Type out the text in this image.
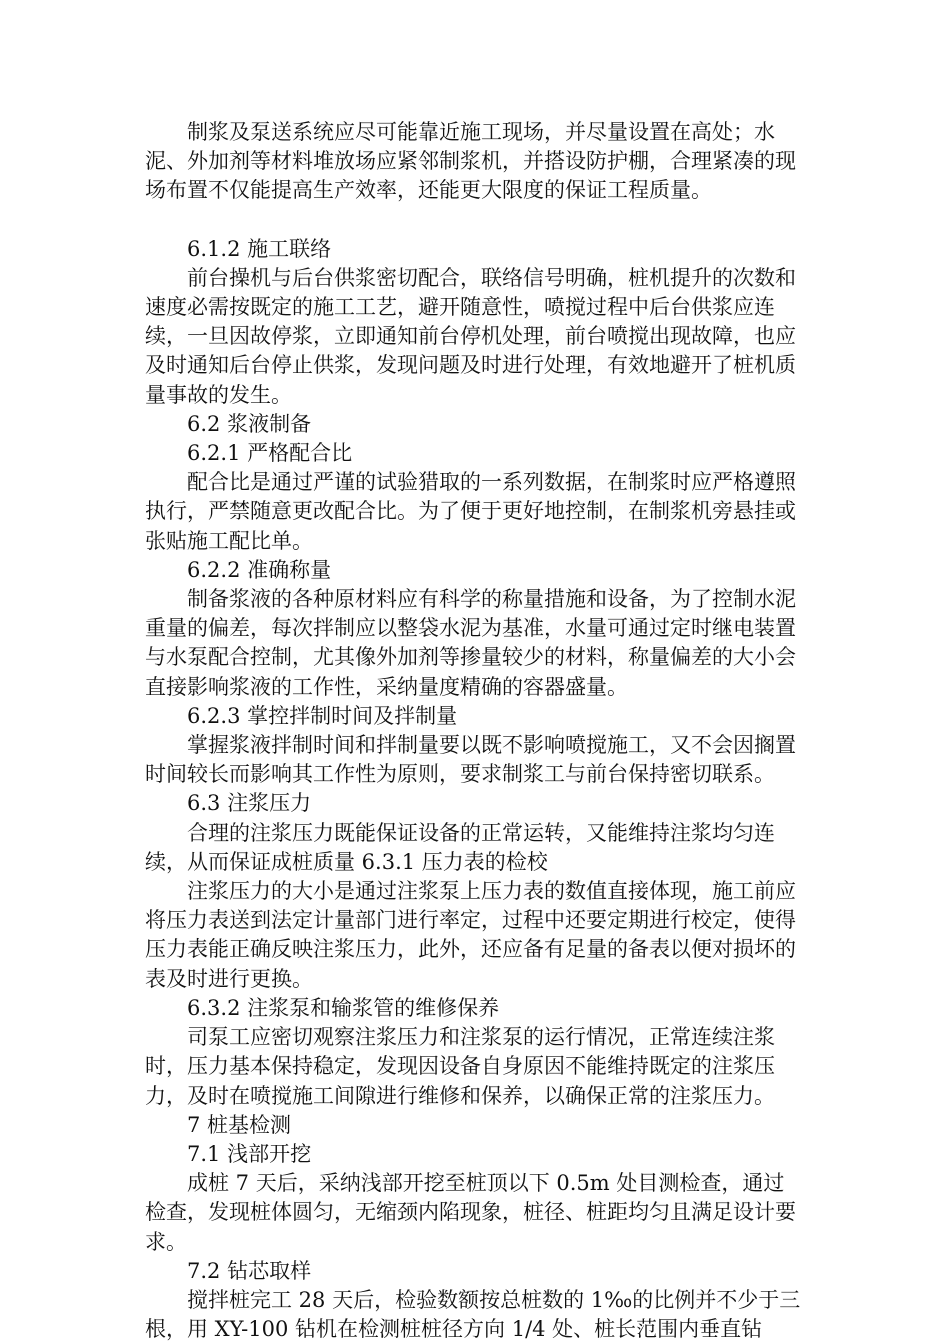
制浆及泵送系统应尽可能靠近施工现场，并尽量设置在高处；水泥、外加剂等材料堆放场应紧邻制浆机，并搭设防护棚，合理紧凑的现场布置不仅能提高生产效率，还能更大限度的保证工程质量。

6.1.2 施工联络

前台操机与后台供浆密切配合，联络信号明确，桩机提升的次数和速度必需按既定的施工工艺，避开随意性，喷搅过程中后台供浆应连续，一旦因故停浆，立即通知前台停机处理，前台喷搅出现故障，也应及时通知后台停止供浆，发现问题及时进行处理，有效地避开了桩机质量事故的发生。

6.2 浆液制备

6.2.1 严格配合比

配合比是通过严谨的试验猎取的一系列数据，在制浆时应严格遵照执行，严禁随意更改配合比。为了便于更好地控制，在制浆机旁悬挂或张贴施工配比单。

6.2.2 准确称量

制备浆液的各种原材料应有科学的称量措施和设备，为了控制水泥重量的偏差，每次拌制应以整袋水泥为基准，水量可通过定时继电装置与水泵配合控制，尤其像外加剂等掺量较少的材料，称量偏差的大小会直接影响浆液的工作性，采纳量度精确的容器盛量。

6.2.3 掌控拌制时间及拌制量

掌握浆液拌制时间和拌制量要以既不影响喷搅施工，又不会因搁置时间较长而影响其工作性为原则，要求制浆工与前台保持密切联系。

6.3 注浆压力

合理的注浆压力既能保证设备的正常运转，又能维持注浆均匀连续，从而保证成桩质量 6.3.1 压力表的检校

注浆压力的大小是通过注浆泵上压力表的数值直接体现，施工前应将压力表送到法定计量部门进行率定，过程中还要定期进行校定，使得压力表能正确反映注浆压力，此外，还应备有足量的备表以便对损坏的表及时进行更换。

6.3.2 注浆泵和输浆管的维修保养

司泵工应密切观察注浆压力和注浆泵的运行情况，正常连续注浆时，压力基本保持稳定，发现因设备自身原因不能维持既定的注浆压力，及时在喷搅施工间隙进行维修和保养，以确保正常的注浆压力。

7 桩基检测

7.1 浅部开挖

成桩 7 天后，采纳浅部开挖至桩顶以下 0.5m 处目测检查，通过检查，发现桩体圆匀，无缩颈内陷现象，桩径、桩距均匀且满足设计要求。

7.2 钻芯取样

搅拌桩完工 28 天后，检验数额按总桩数的 1‰的比例并不少于三根，用 XY-100 钻机在检测桩桩径方向 1/4 处、桩长范围内垂直钻
